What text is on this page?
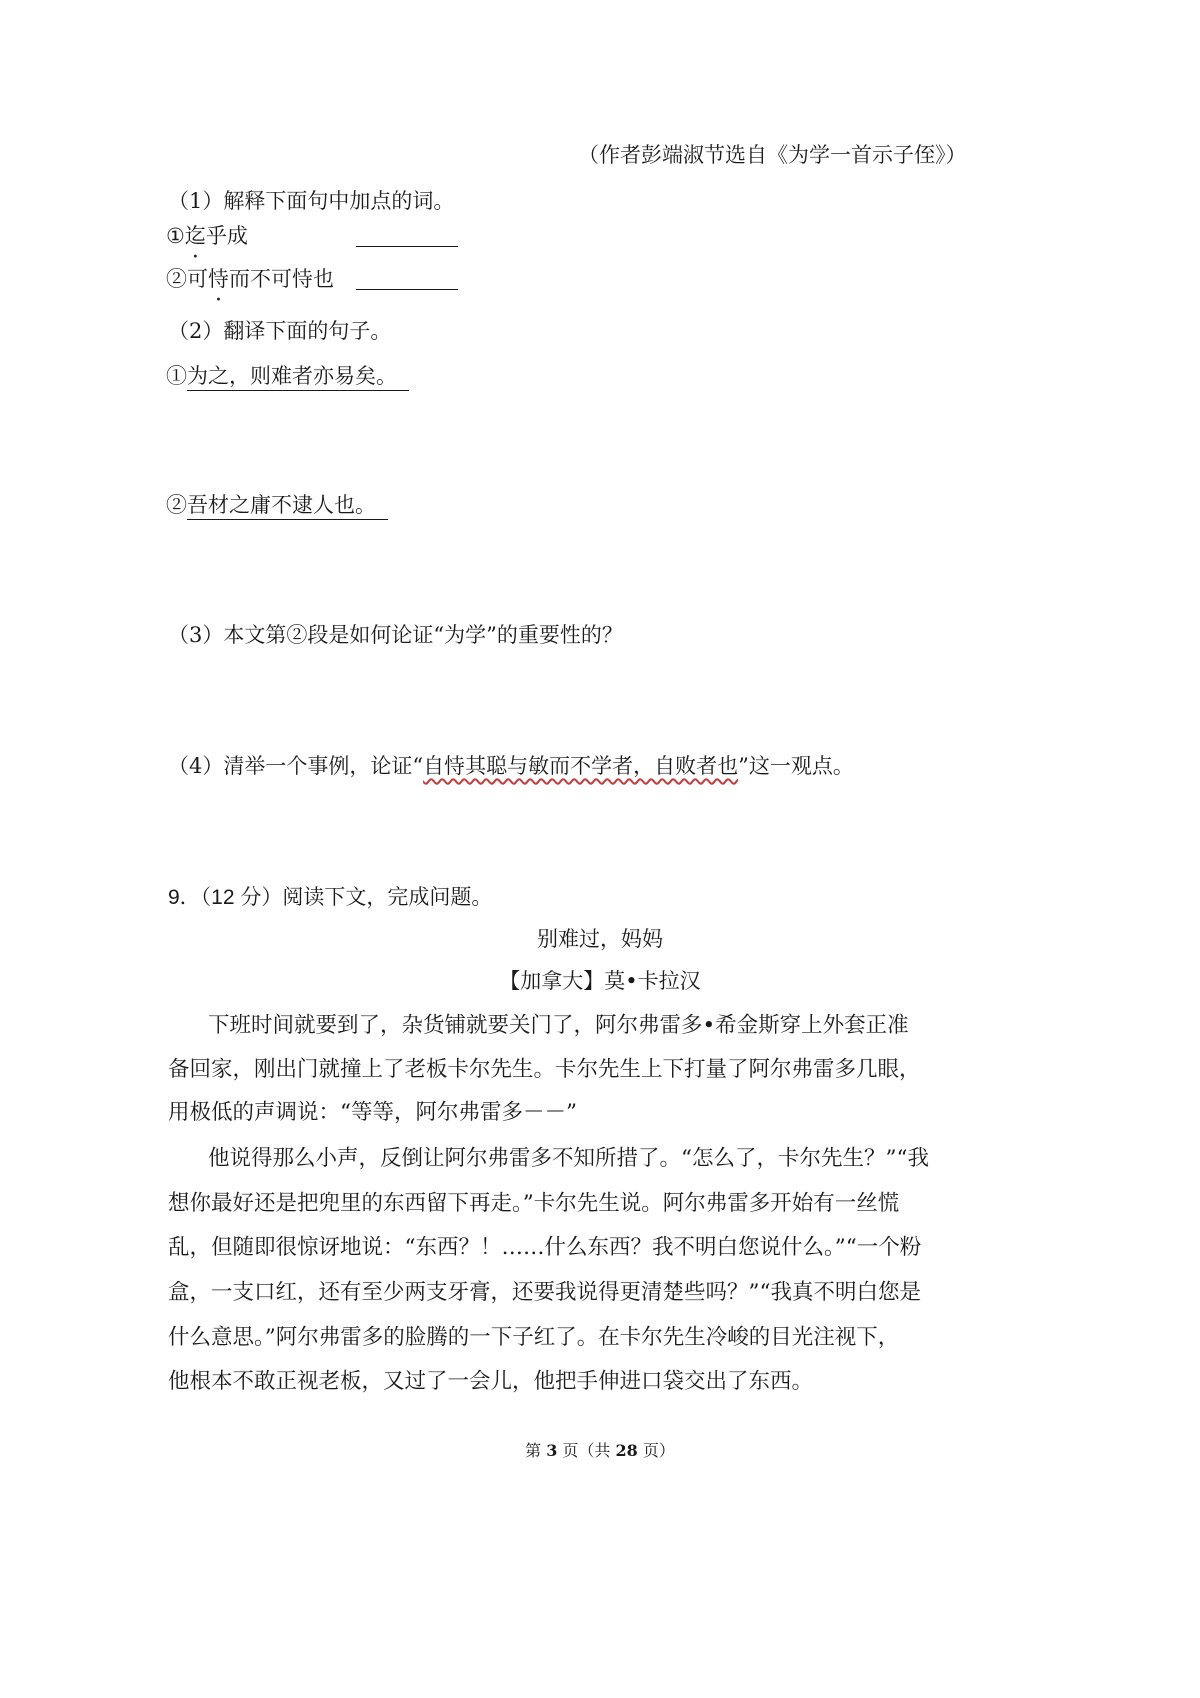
（作者彭端淑节选自《为学一首示子侄》）
（1）解释下面句中加点的词。
①迄乎成
②可恃而不可恃也
（2）翻译下面的句子。
①为之，则难者亦易矣。
②吾材之庸不逮人也。
（3）本文第②段是如何论证“为学”的重要性的？
（4）清举一个事例，论证“自恃其聪与敏而不学者，自败者也”这一观点。
9．（12 分）阅读下文，完成问题。
别难过，妈妈
【加拿大】莫•卡拉汉
下班时间就要到了，杂货铺就要关门了，阿尔弗雷多•希金斯穿上外套正准
备回家，刚出门就撞上了老板卡尔先生。卡尔先生上下打量了阿尔弗雷多几眼，
用极低的声调说：“等等，阿尔弗雷多－－”
他说得那么小声，反倒让阿尔弗雷多不知所措了。“怎么了，卡尔先生？”“我
想你最好还是把兜里的东西留下再走。”卡尔先生说。阿尔弗雷多开始有一丝慌
乱，但随即很惊讶地说：“东西？！……什么东西？我不明白您说什么。”“一个粉
盒，一支口红，还有至少两支牙膏，还要我说得更清楚些吗？”“我真不明白您是
什么意思。”阿尔弗雷多的脸腾的一下子红了。在卡尔先生冷峻的目光注视下，
他根本不敢正视老板，又过了一会儿，他把手伸进口袋交出了东西。
第 3 页（共 28 页）
